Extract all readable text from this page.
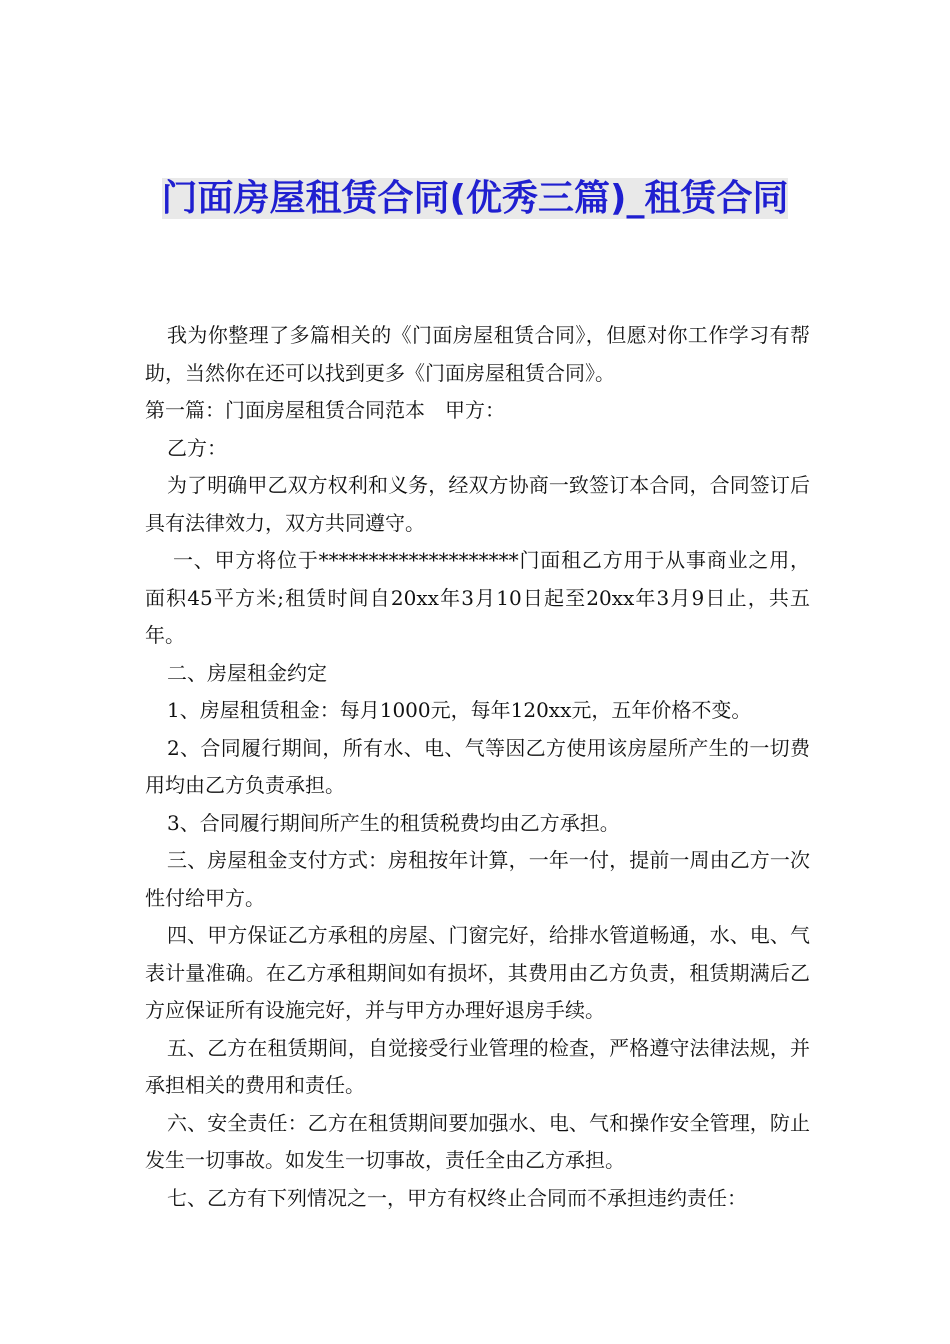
门面房屋租赁合同(优秀三篇)_租赁合同

我为你整理了多篇相关的《门面房屋租赁合同》，但愿对你工作学习有帮助，当然你在还可以找到更多《门面房屋租赁合同》。

第一篇：门面房屋租赁合同范本　甲方：

乙方：

为了明确甲乙双方权利和义务，经双方协商一致签订本合同，合同签订后具有法律效力，双方共同遵守。

一、甲方将位于********************门面租乙方用于从事商业之用，面积45平方米;租赁时间自20xx年3月10日起至20xx年3月9日止，共五年。

二、房屋租金约定

1、房屋租赁租金：每月1000元，每年120xx元，五年价格不变。

2、合同履行期间，所有水、电、气等因乙方使用该房屋所产生的一切费用均由乙方负责承担。

3、合同履行期间所产生的租赁税费均由乙方承担。

三、房屋租金支付方式：房租按年计算，一年一付，提前一周由乙方一次性付给甲方。

四、甲方保证乙方承租的房屋、门窗完好，给排水管道畅通，水、电、气表计量准确。在乙方承租期间如有损坏，其费用由乙方负责，租赁期满后乙方应保证所有设施完好，并与甲方办理好退房手续。

五、乙方在租赁期间，自觉接受行业管理的检查，严格遵守法律法规，并承担相关的费用和责任。

六、安全责任：乙方在租赁期间要加强水、电、气和操作安全管理，防止发生一切事故。如发生一切事故，责任全由乙方承担。

七、乙方有下列情况之一，甲方有权终止合同而不承担违约责任：
